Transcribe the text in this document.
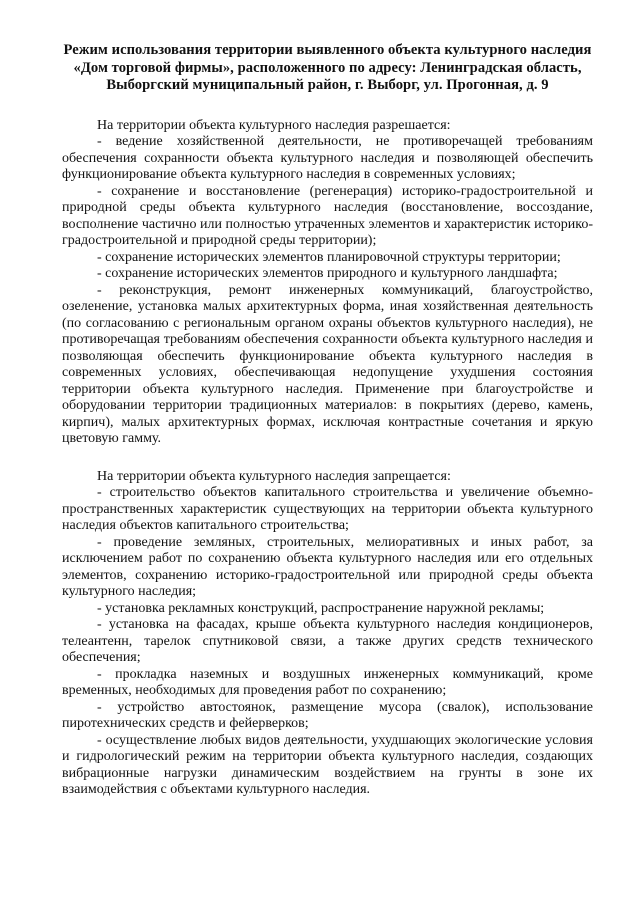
Режим использования территории выявленного объекта культурного наследия «Дом торговой фирмы», расположенного по адресу: Ленинградская область, Выборгский муниципальный район, г. Выборг, ул. Прогонная, д. 9

На территории объекта культурного наследия разрешается:

- ведение хозяйственной деятельности, не противоречащей требованиям обеспечения сохранности объекта культурного наследия и позволяющей обеспечить функционирование объекта культурного наследия в современных условиях;

- сохранение и восстановление (регенерация) историко-градостроительной и природной среды объекта культурного наследия (восстановление, воссоздание, восполнение частично или полностью утраченных элементов и характеристик историко-градостроительной и природной среды территории);

- сохранение исторических элементов планировочной структуры территории;

- сохранение исторических элементов природного и культурного ландшафта;

- реконструкция, ремонт инженерных коммуникаций, благоустройство, озеленение, установка малых архитектурных форма, иная хозяйственная деятельность (по согласованию с региональным органом охраны объектов культурного наследия), не противоречащая требованиям обеспечения сохранности объекта культурного наследия и позволяющая обеспечить функционирование объекта культурного наследия в современных условиях, обеспечивающая недопущение ухудшения состояния территории объекта культурного наследия. Применение при благоустройстве и оборудовании территории традиционных материалов: в покрытиях (дерево, камень, кирпич), малых архитектурных формах, исключая контрастные сочетания и яркую цветовую гамму.

На территории объекта культурного наследия запрещается:

- строительство объектов капитального строительства и увеличение объемно-пространственных характеристик существующих на территории объекта культурного наследия объектов капитального строительства;

- проведение земляных, строительных, мелиоративных и иных работ, за исключением работ по сохранению объекта культурного наследия или его отдельных элементов, сохранению историко-градостроительной или природной среды объекта культурного наследия;

- установка рекламных конструкций, распространение наружной рекламы;

- установка на фасадах, крыше объекта культурного наследия кондиционеров, телеантенн, тарелок спутниковой связи, а также других средств технического обеспечения;

- прокладка наземных и воздушных инженерных коммуникаций, кроме временных, необходимых для проведения работ по сохранению;

- устройство автостоянок, размещение мусора (свалок), использование пиротехнических средств и фейерверков;

- осуществление любых видов деятельности, ухудшающих экологические условия и гидрологический режим на территории объекта культурного наследия, создающих вибрационные нагрузки динамическим воздействием на грунты в зоне их взаимодействия с объектами культурного наследия.
